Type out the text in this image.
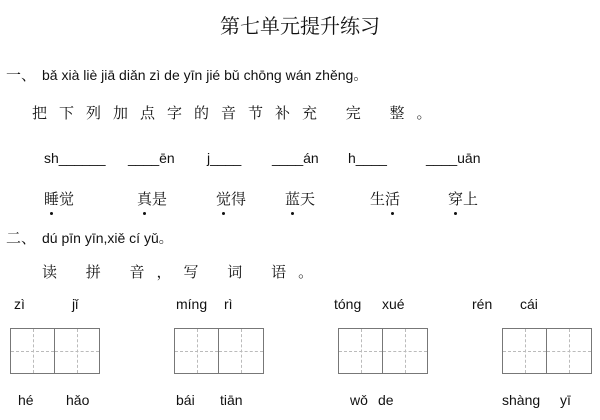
第七单元提升练习
一、 bǎ xià liè jiā diǎn zì de yīn jié bǔ chōng wán zhěng。
把下列加点字的音节补充 完 整。
sh______ ____ēn j____ ____án h____	____uān
睡觉	真是	觉得	蓝天	生活	穿上
二、 dú pīn yīn,xiě cí yǔ。
读 拼 音，写 词 语。
zì	jǐ	míng rì	tóng xué	rén cái
hé hǎo	bái tiān	wǒ de	shàng yī
